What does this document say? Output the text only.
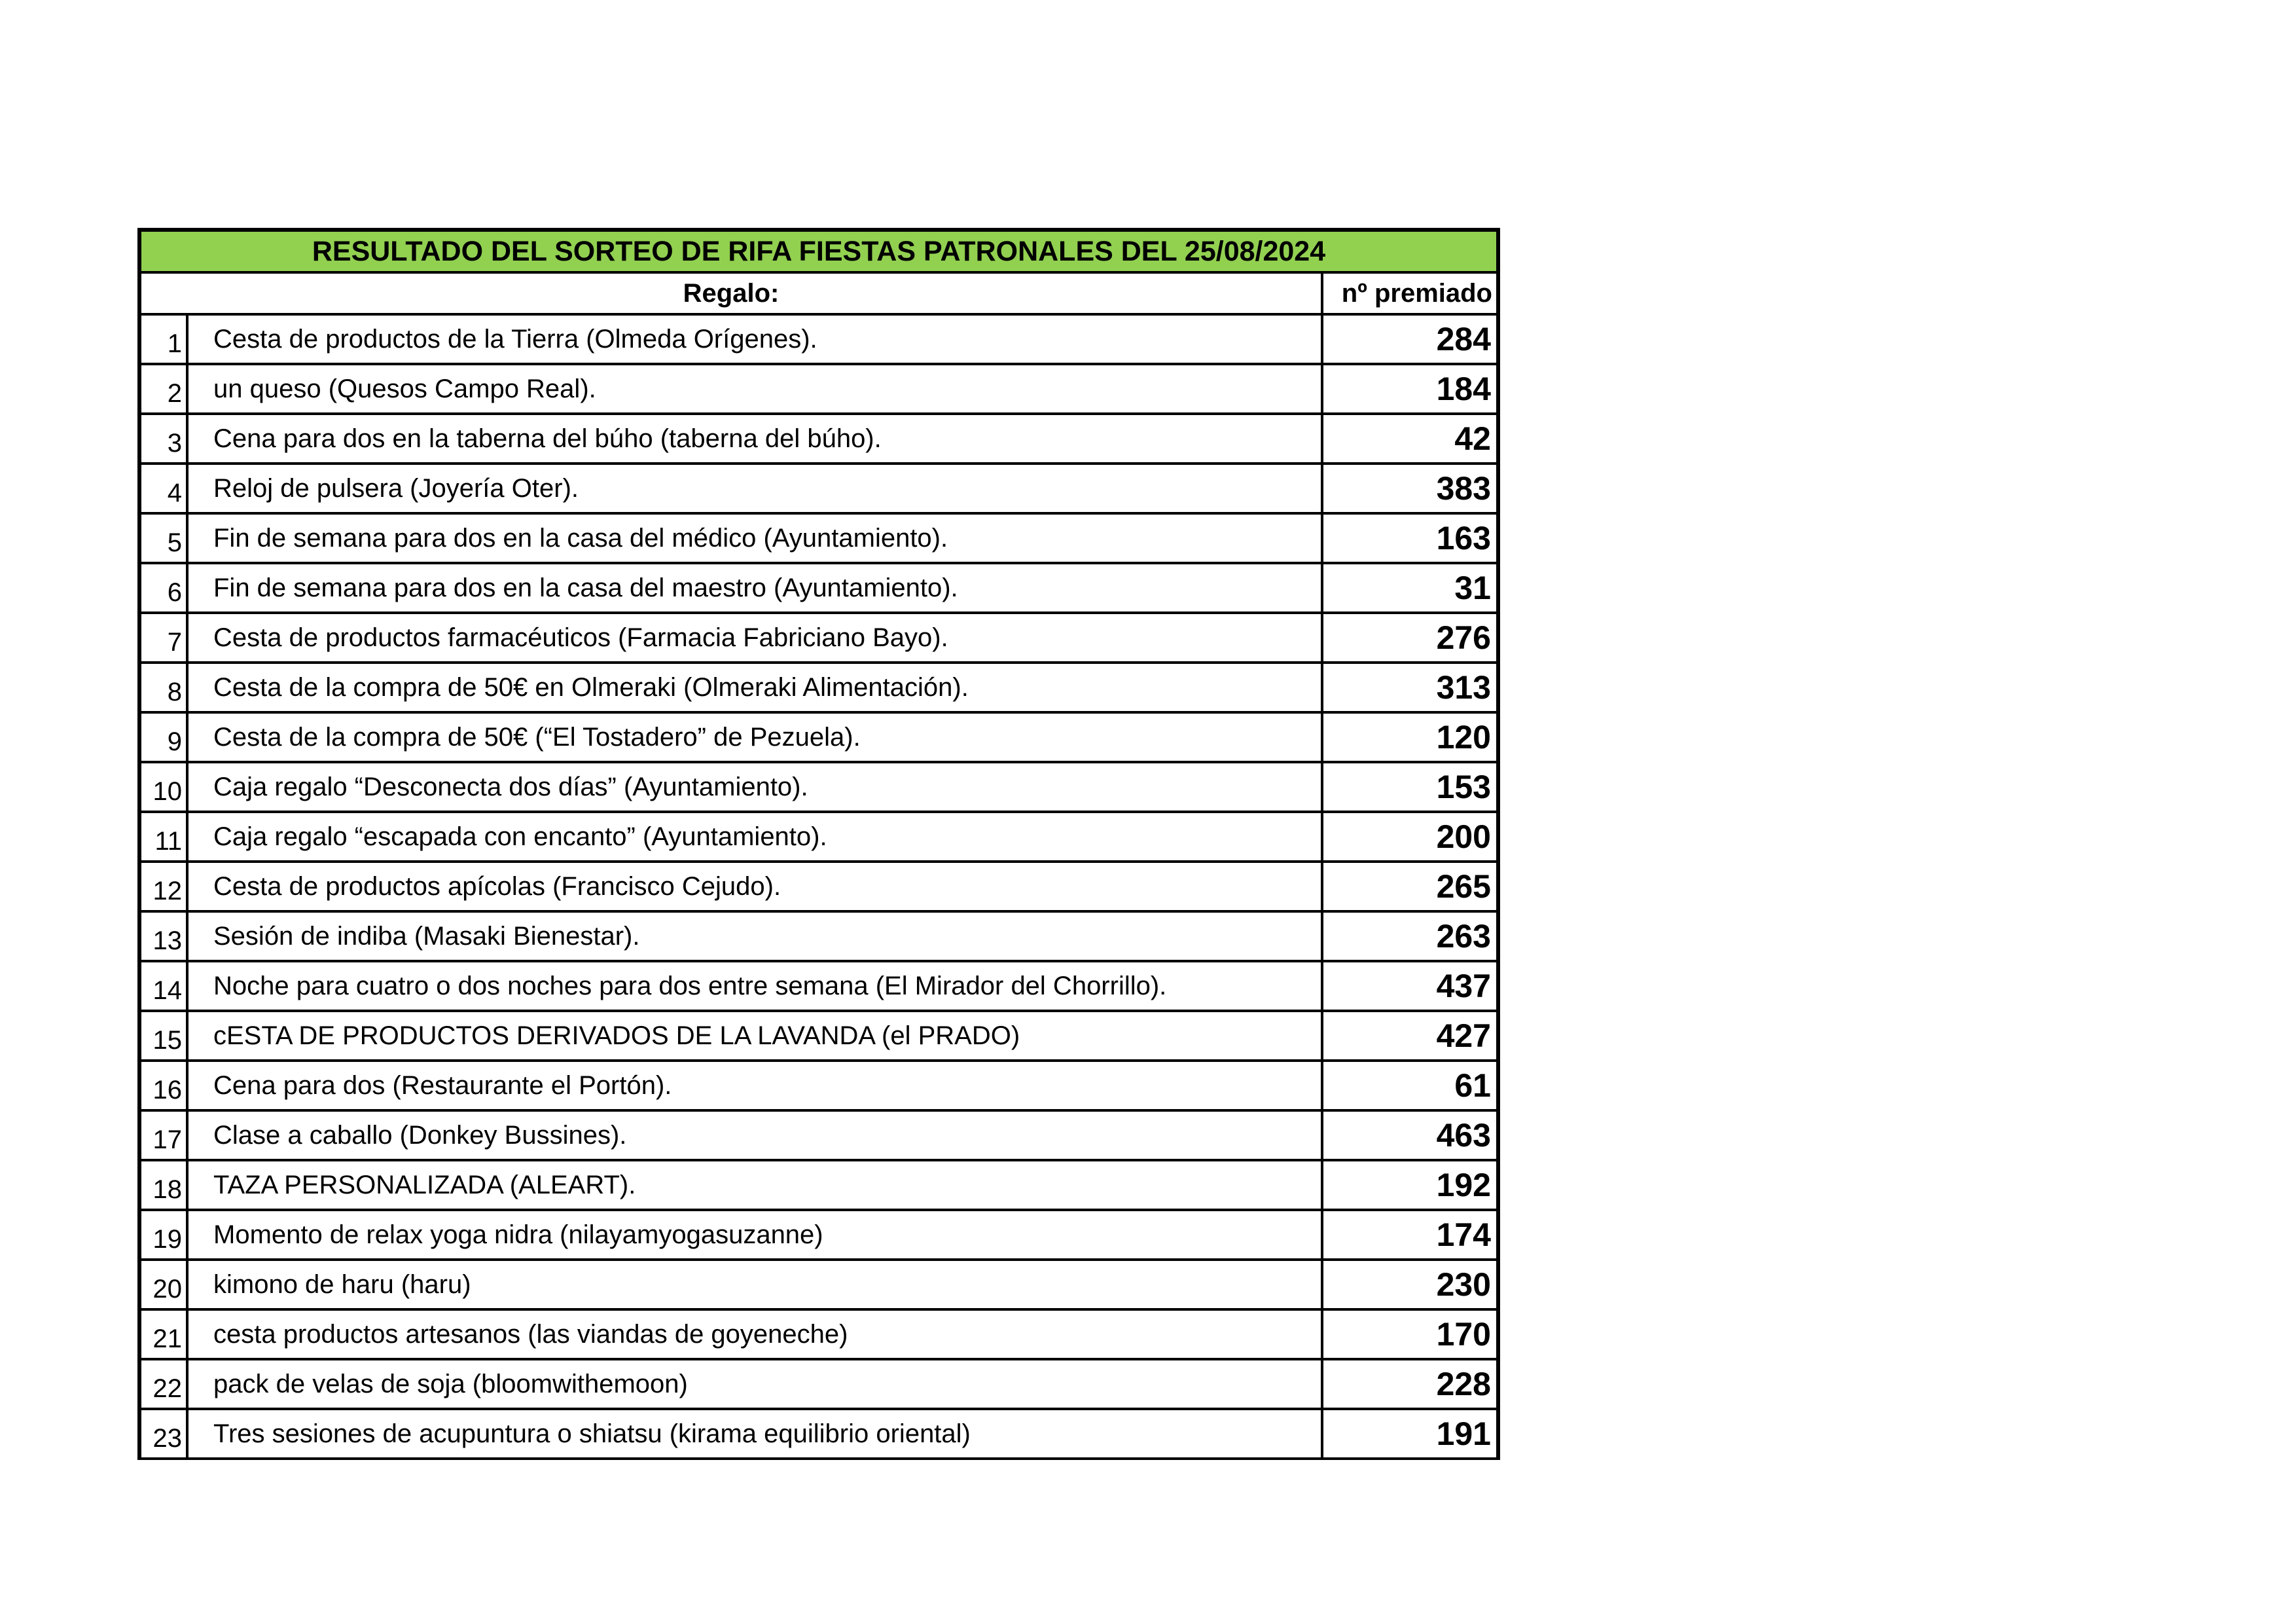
RESULTADO DEL SORTEO DE RIFA FIESTAS PATRONALES DEL 25/08/2024
Regalo:	nº premiado
1	Cesta de productos de la Tierra (Olmeda Orígenes).	284
2	un queso (Quesos Campo Real).	184
3	Cena para dos en la taberna del búho (taberna del búho).	42
4	Reloj de pulsera (Joyería Oter).	383
5	Fin de semana para dos en la casa del médico (Ayuntamiento).	163
6	Fin de semana para dos en la casa del maestro (Ayuntamiento).	31
7	Cesta de productos farmacéuticos (Farmacia Fabriciano Bayo).	276
8	Cesta de la compra de 50€ en Olmeraki (Olmeraki Alimentación).	313
9	Cesta de la compra de 50€ (“El Tostadero” de Pezuela).	120
10	Caja regalo “Desconecta dos días” (Ayuntamiento).	153
11	Caja regalo “escapada con encanto” (Ayuntamiento).	200
12	Cesta de productos apícolas (Francisco Cejudo).	265
13	Sesión de indiba (Masaki Bienestar).	263
14	Noche para cuatro o dos noches para dos entre semana (El Mirador del Chorrillo).	437
15	cESTA DE PRODUCTOS DERIVADOS DE LA LAVANDA (el PRADO)	427
16	Cena para dos (Restaurante el Portón).	61
17	Clase a caballo (Donkey Bussines).	463
18	TAZA PERSONALIZADA (ALEART).	192
19	Momento de relax yoga nidra (nilayamyogasuzanne)	174
20	kimono de haru (haru)	230
21	cesta productos artesanos (las viandas de goyeneche)	170
22	pack de velas de soja (bloomwithemoon)	228
23	Tres sesiones de acupuntura o shiatsu (kirama equilibrio oriental)	191
